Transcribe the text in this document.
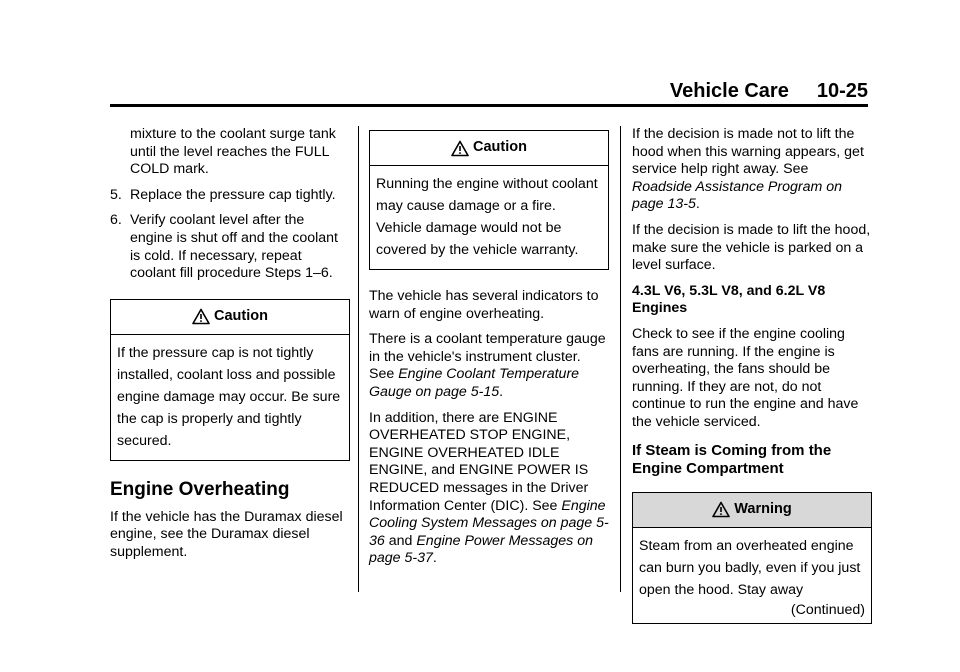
Vehicle Care 10-25
mixture to the coolant surge tank until the level reaches the FULL COLD mark.
5. Replace the pressure cap tightly.
6. Verify coolant level after the engine is shut off and the coolant is cold. If necessary, repeat coolant fill procedure Steps 1–6.
Caution
If the pressure cap is not tightly installed, coolant loss and possible engine damage may occur. Be sure the cap is properly and tightly secured.
Engine Overheating

If the vehicle has the Duramax diesel engine, see the Duramax diesel supplement.

Caution
Running the engine without coolant may cause damage or a fire. Vehicle damage would not be covered by the vehicle warranty.

The vehicle has several indicators to warn of engine overheating.

There is a coolant temperature gauge in the vehicle's instrument cluster. See Engine Coolant Temperature Gauge on page 5-15.

In addition, there are ENGINE OVERHEATED STOP ENGINE, ENGINE OVERHEATED IDLE ENGINE, and ENGINE POWER IS REDUCED messages in the Driver Information Center (DIC). See Engine Cooling System Messages on page 5-36 and Engine Power Messages on page 5-37.

If the decision is made not to lift the hood when this warning appears, get service help right away. See Roadside Assistance Program on page 13-5.

If the decision is made to lift the hood, make sure the vehicle is parked on a level surface.

4.3L V6, 5.3L V8, and 6.2L V8 Engines

Check to see if the engine cooling fans are running. If the engine is overheating, the fans should be running. If they are not, do not continue to run the engine and have the vehicle serviced.

If Steam is Coming from the Engine Compartment
Warning
Steam from an overheated engine can burn you badly, even if you just open the hood. Stay away
(Continued)
